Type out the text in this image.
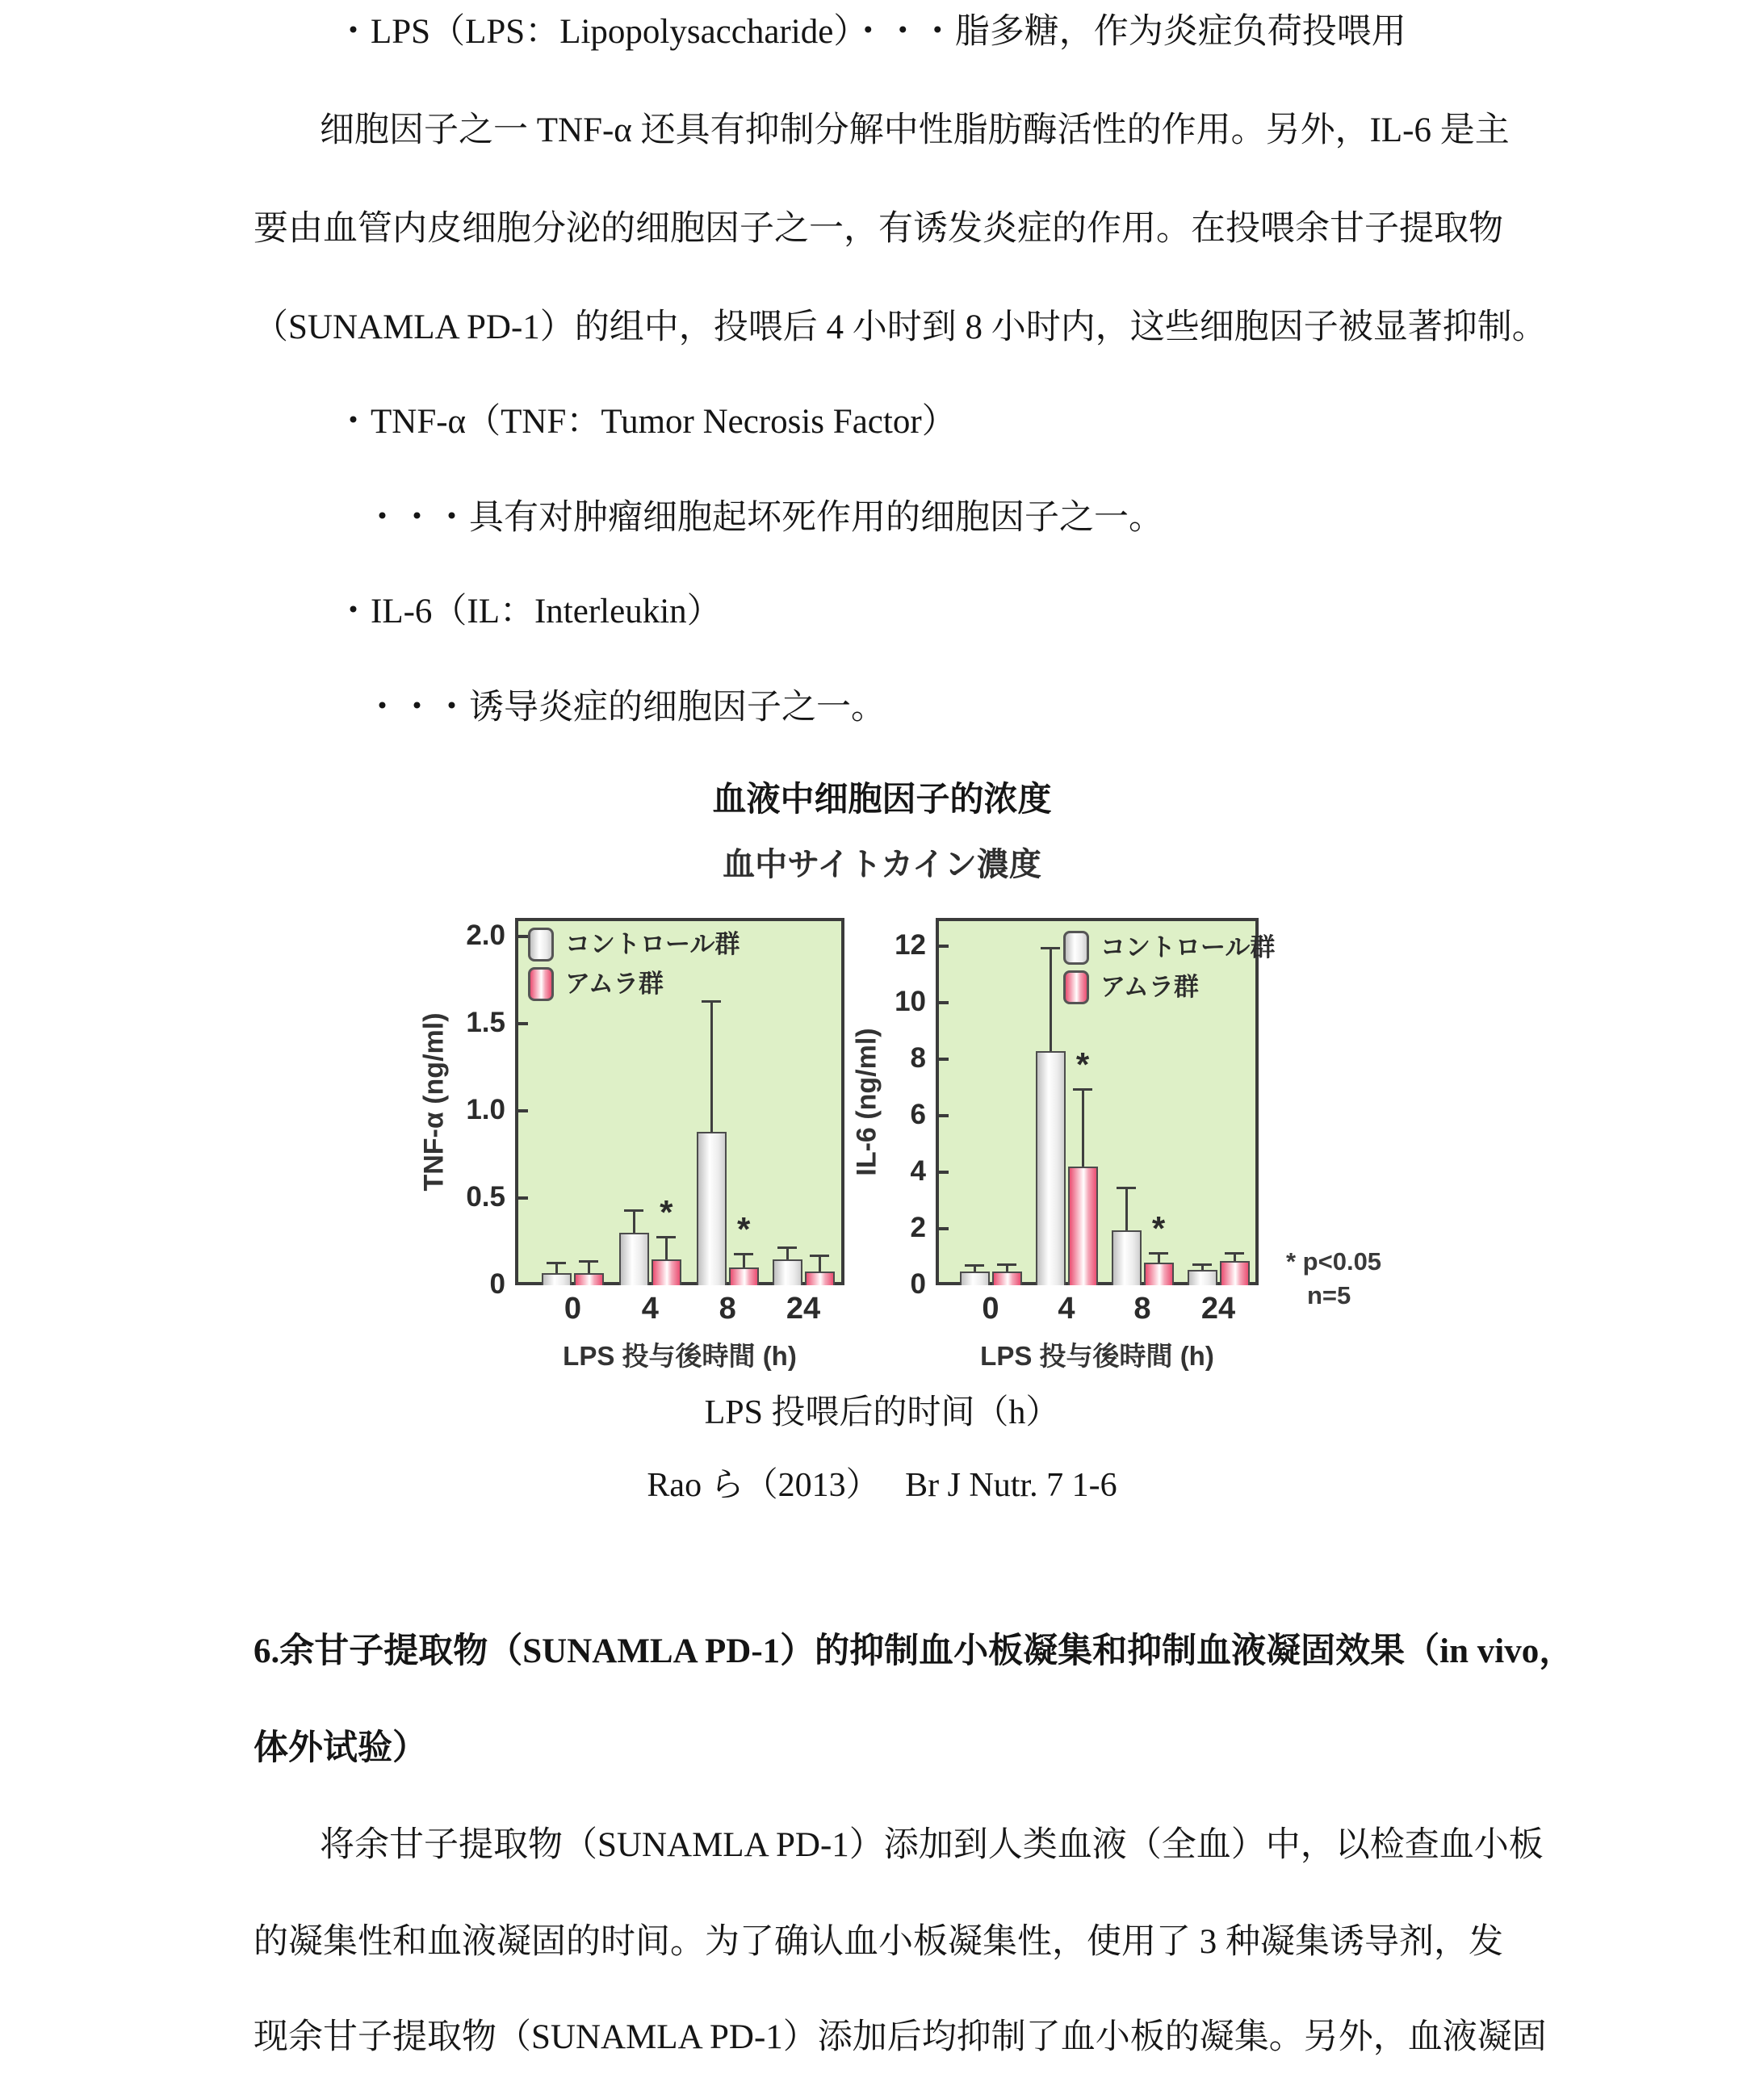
・LPS（LPS：Lipopolysaccharide）・・・脂多糖，作为炎症负荷投喂用
细胞因子之一 TNF-α 还具有抑制分解中性脂肪酶活性的作用。另外，IL-6 是主
要由血管内皮细胞分泌的细胞因子之一，有诱发炎症的作用。在投喂余甘子提取物
（SUNAMLA PD-1）的组中，投喂后 4 小时到 8 小时内，这些细胞因子被显著抑制。
・TNF-α（TNF：Tumor Necrosis Factor）
・・・具有对肿瘤细胞起坏死作用的细胞因子之一。
・IL-6（IL：Interleukin）
・・・诱导炎症的细胞因子之一。
血液中细胞因子的浓度
血中サイトカイン濃度
0
0.5
1.0
1.5
2.0
0
*
4
*
8	24
LPS 投与後時間 (h)
TNF-α (ng/ml)
コントロール群
アムラ群
0
2
4
6
8
10
12
0
*
4
*
8	24
LPS 投与後時間 (h)
IL-6 (ng/ml)
コントロール群
アムラ群
* p<0.05
n=5
LPS 投喂后的时间（h）
Rao ら（2013）　 Br J Nutr. 7 1-6
6.余甘子提取物（SUNAMLA PD-1）的抑制血小板凝集和抑制血液凝固效果（in vivo，
体外试验）
将余甘子提取物（SUNAMLA PD-1）添加到人类血液（全血）中，以检查血小板
的凝集性和血液凝固的时间。为了确认血小板凝集性，使用了 3 种凝集诱导剂，发
现余甘子提取物（SUNAMLA PD-1）添加后均抑制了血小板的凝集。另外，血液凝固
